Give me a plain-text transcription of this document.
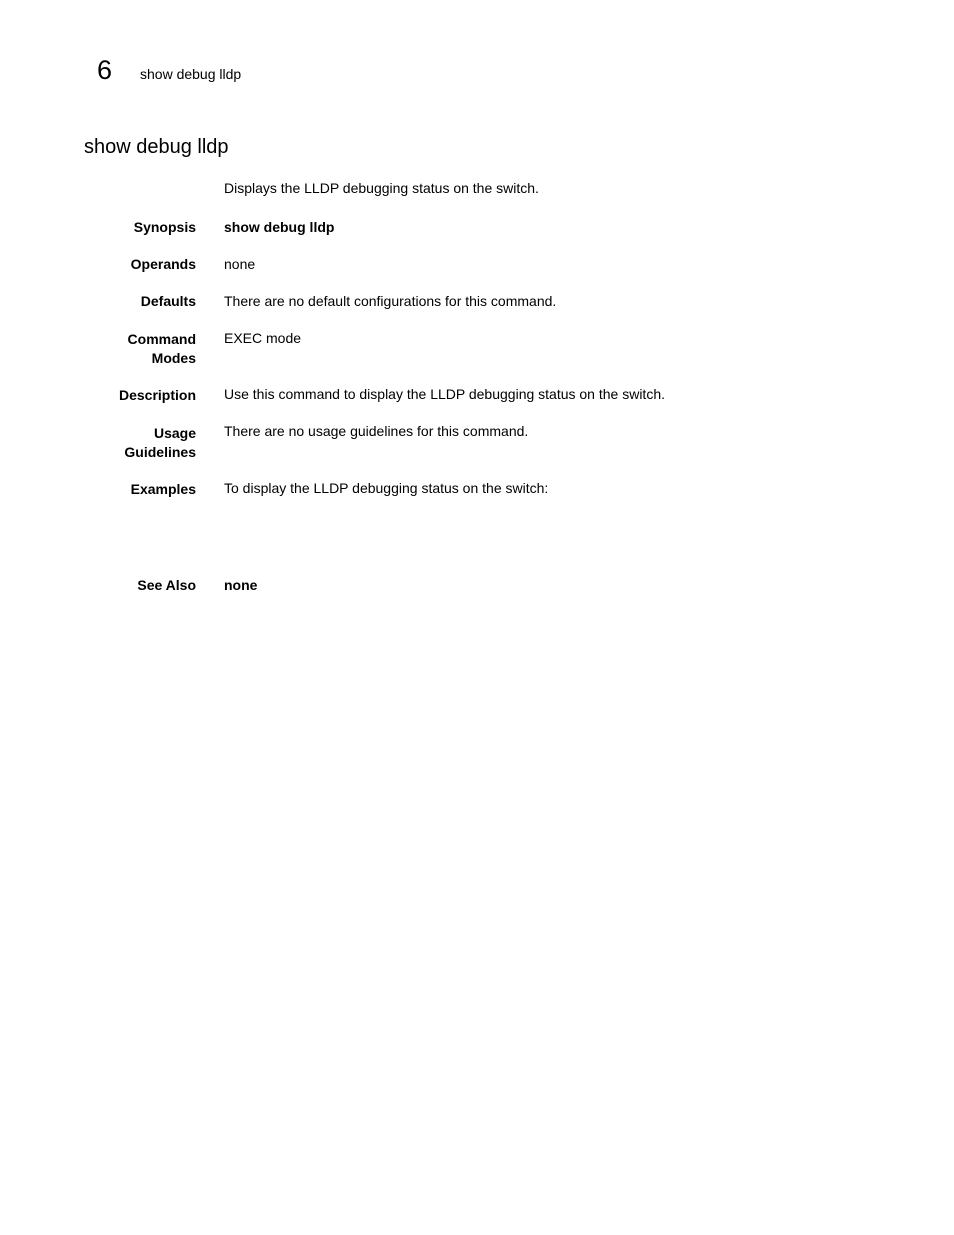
6 show debug lldp
show debug lldp
Displays the LLDP debugging status on the switch.
Synopsis show debug lldp
Operands none
Defaults There are no default configurations for this command.
Command
Modes
EXEC mode
Description Use this command to display the LLDP debugging status on the switch.
Usage
Guidelines
There are no usage guidelines for this command.
Examples To display the LLDP debugging status on the switch:
See Also none
